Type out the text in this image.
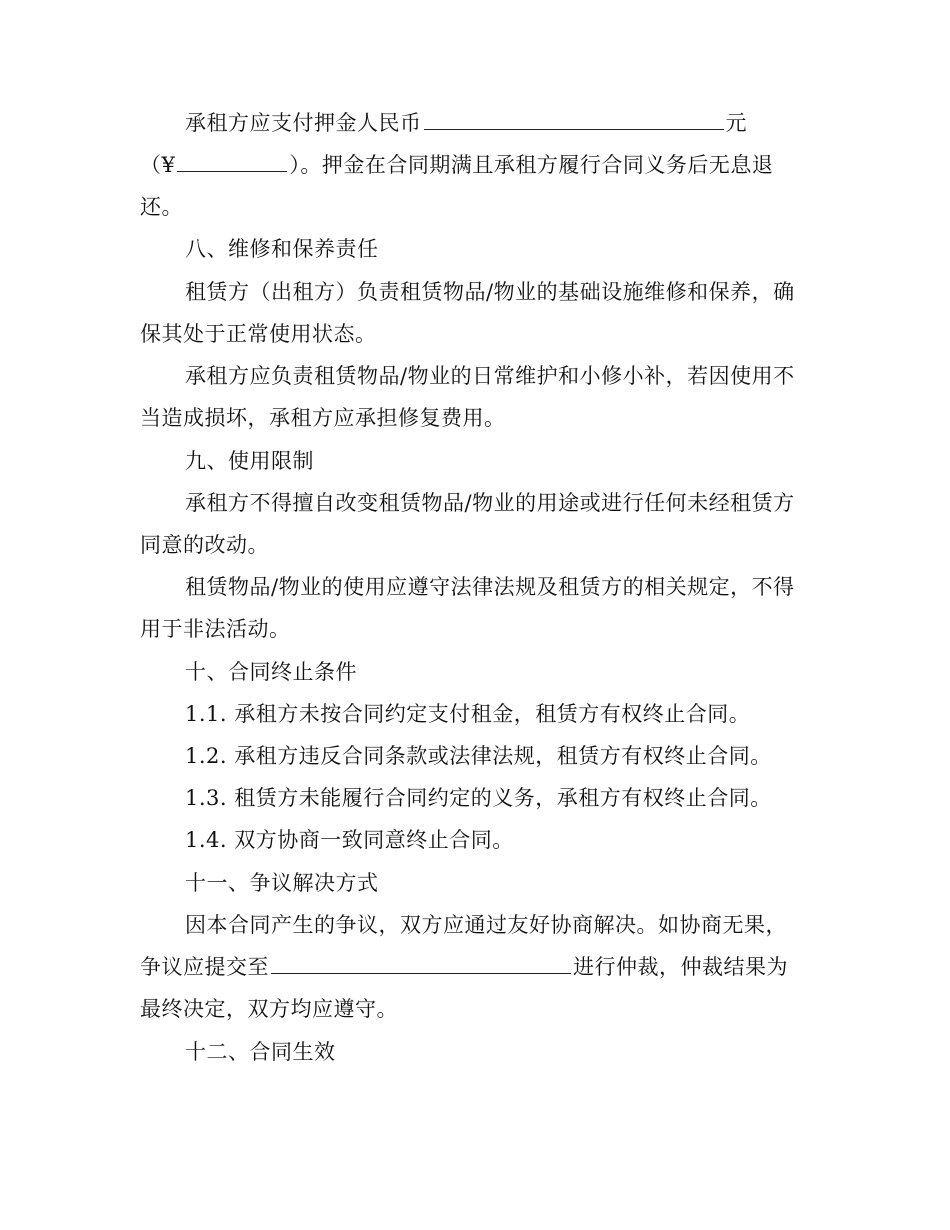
承租方应支付押金人民币	元
（¥	）。押金在合同期满且承租方履行合同义务后无息退
还。
八、维修和保养责任
租赁方（出租方）负责租赁物品/物业的基础设施维修和保养，确
保其处于正常使用状态。
承租方应负责租赁物品/物业的日常维护和小修小补，若因使用不
当造成损坏，承租方应承担修复费用。
九、使用限制
承租方不得擅自改变租赁物品/物业的用途或进行任何未经租赁方
同意的改动。
租赁物品/物业的使用应遵守法律法规及租赁方的相关规定，不得
用于非法活动。
十、合同终止条件
1.1. 承租方未按合同约定支付租金，租赁方有权终止合同。
1.2. 承租方违反合同条款或法律法规，租赁方有权终止合同。
1.3. 租赁方未能履行合同约定的义务，承租方有权终止合同。
1.4. 双方协商一致同意终止合同。
十一、争议解决方式
因本合同产生的争议，双方应通过友好协商解决。如协商无果，
争议应提交至	进行仲裁，仲裁结果为
最终决定，双方均应遵守。
十二、合同生效
